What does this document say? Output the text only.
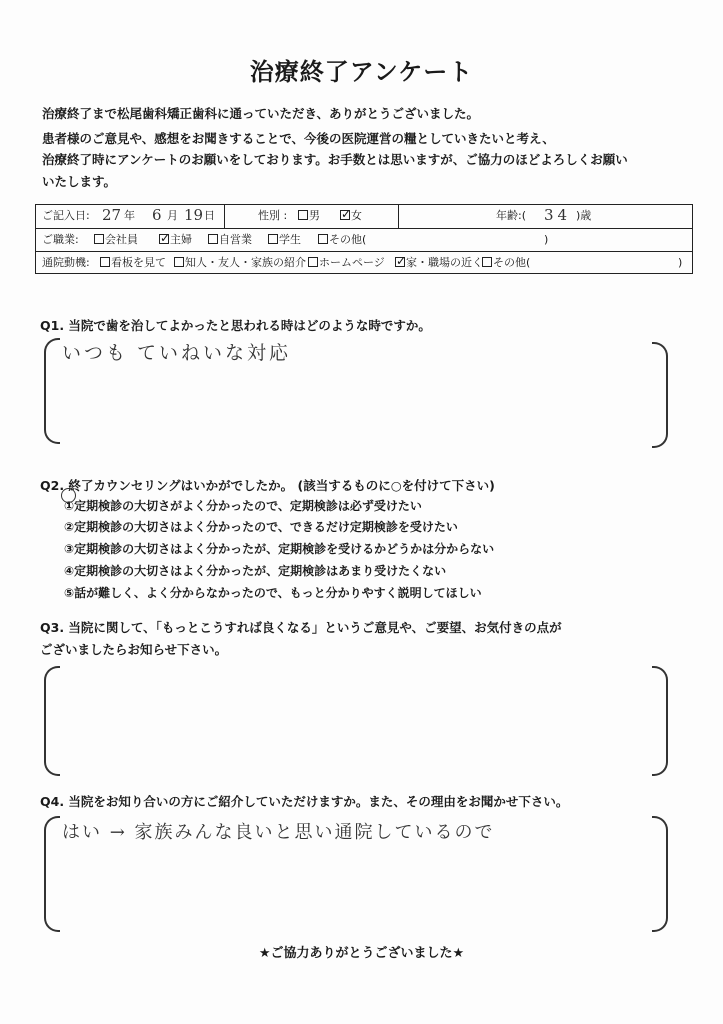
治療終了アンケート
治療終了まで松尾歯科矯正歯科に通っていただき、ありがとうございました。
患者様のご意見や、感想をお聞きすることで、今後の医院運営の糧としていきたいと考え、
治療終了時にアンケートのお願いをしております。お手数とは思いますが、ご協力のほどよろしくお願い
いたします。
ご記入日: 27 年 6 月 19 日	性別 :	男 ✓	女	年齢:( 34 )歳
ご職業:	会社員 ✓	主婦	自営業	学生	その他(	)
通院動機:	看板を見て	知人・友人・家族の紹介	ホームページ ✓	家・職場の近く その他(	)
Q1. 当院で歯を治してよかったと思われる時はどのような時ですか。
いつも ていねいな対応
Q2. 終了カウンセリングはいかがでしたか。 (該当するものに○を付けて下さい)
①定期検診の大切さがよく分かったので、定期検診は必ず受けたい
②定期検診の大切さはよく分かったので、できるだけ定期検診を受けたい
③定期検診の大切さはよく分かったが、定期検診を受けるかどうかは分からない
④定期検診の大切さはよく分かったが、定期検診はあまり受けたくない
⑤話が難しく、よく分からなかったので、もっと分かりやすく説明してほしい
Q3. 当院に関して、「もっとこうすれば良くなる」というご意見や、ご要望、お気付きの点が
ございましたらお知らせ下さい。
Q4. 当院をお知り合いの方にご紹介していただけますか。また、その理由をお聞かせ下さい。
はい → 家族みんな良いと思い通院しているので
★ご協力ありがとうございました★
